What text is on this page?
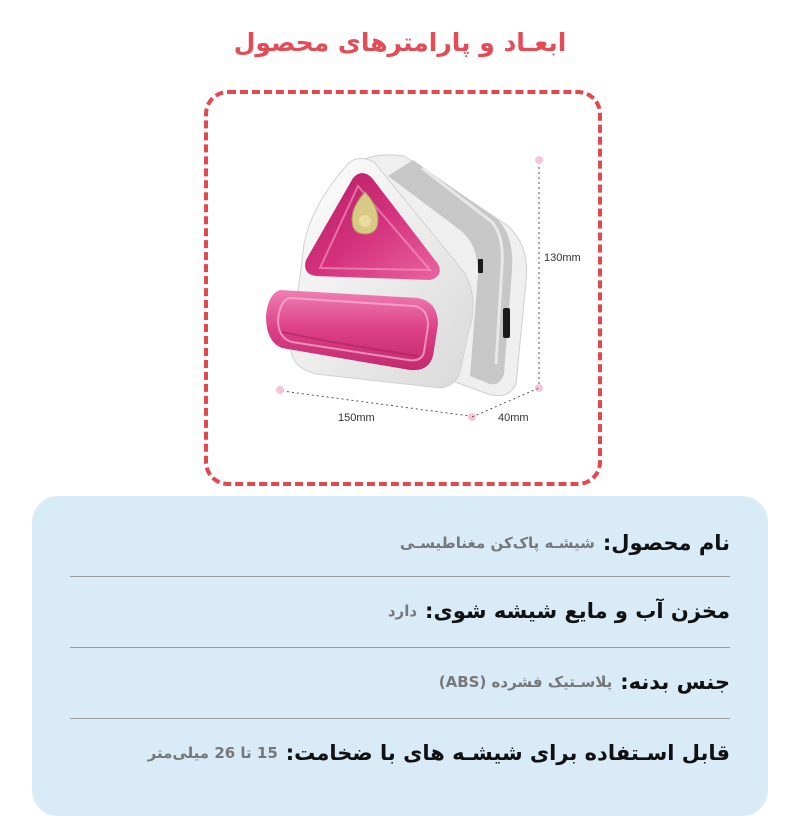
ابعـاد و پارامترهای محصول
130mm
150mm	40mm
نام محصول:
شیشـه پاک‌کن مغناطیسـی
مخزن آب و مایع شیشه شوی:
دارد
جنس بدنه:
پلاسـتیک فشرده (ABS)
قابل اسـتفاده برای شیشـه های با ضخامت:
15 تا 26 میلی‌متر
